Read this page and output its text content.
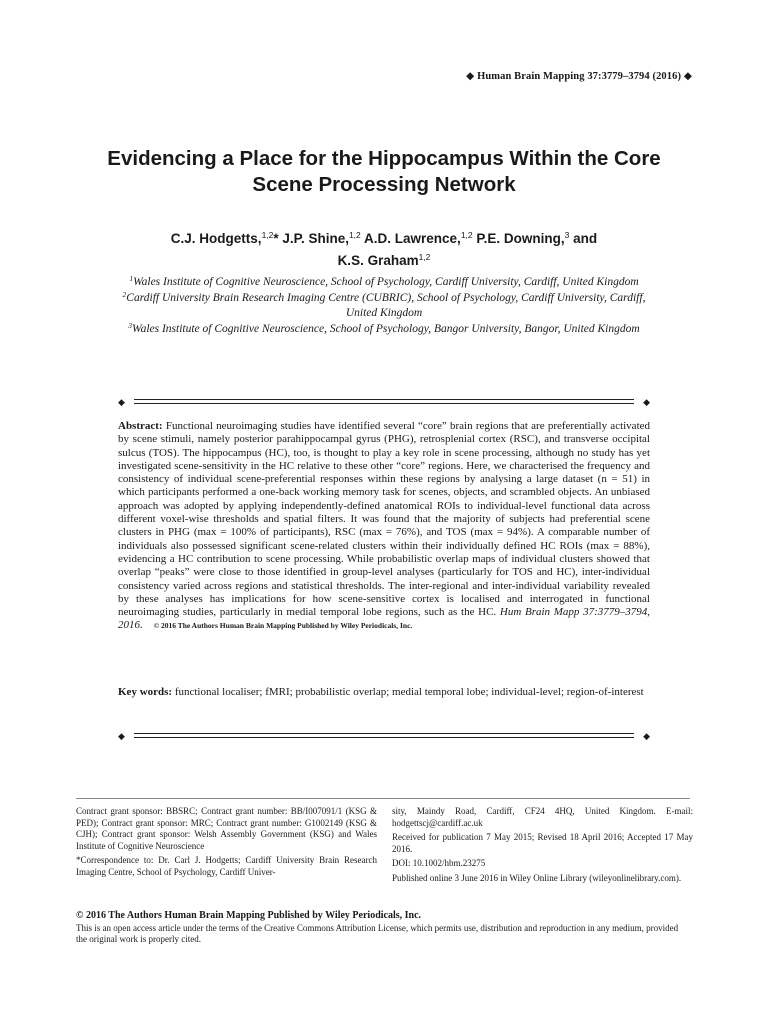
◆ Human Brain Mapping 37:3779–3794 (2016) ◆
Evidencing a Place for the Hippocampus Within the Core Scene Processing Network
C.J. Hodgetts,$^{1,2}$* J.P. Shine,$^{1,2}$ A.D. Lawrence,$^{1,2}$ P.E. Downing,$^3$ and
K.S. Graham$^{1,2}$
$^1$Wales Institute of Cognitive Neuroscience, School of Psychology, Cardiff University, Cardiff, United Kingdom
$^2$Cardiff University Brain Research Imaging Centre (CUBRIC), School of Psychology, Cardiff University, Cardiff, United Kingdom
$^3$Wales Institute of Cognitive Neuroscience, School of Psychology, Bangor University, Bangor, United Kingdom
◆	◆

Abstract: Functional neuroimaging studies have identified several “core” brain regions that are preferentially activated by scene stimuli, namely posterior parahippocampal gyrus (PHG), retrosplenial cortex (RSC), and transverse occipital sulcus (TOS). The hippocampus (HC), too, is thought to play a key role in scene processing, although no study has yet investigated scene-sensitivity in the HC relative to these other “core” regions. Here, we characterised the frequency and consistency of individual scene-preferential responses within these regions by analysing a large dataset (n = 51) in which participants performed a one-back working memory task for scenes, objects, and scrambled objects. An unbiased approach was adopted by applying independently-defined anatomical ROIs to individual-level functional data across different voxel-wise thresholds and spatial filters. It was found that the majority of subjects had preferential scene clusters in PHG (max = 100% of participants), RSC (max = 76%), and TOS (max = 94%). A comparable number of individuals also possessed significant scene-related clusters within their individually defined HC ROIs (max = 88%), evidencing a HC contribution to scene processing. While probabilistic overlap maps of individual clusters showed that overlap “peaks” were close to those identified in group-level analyses (particularly for TOS and HC), inter-individual consistency varied across regions and statistical thresholds. The inter-regional and inter-individual variability revealed by these analyses has implications for how scene-sensitive cortex is localised and interrogated in functional neuroimaging studies, particularly in medial temporal lobe regions, such as the HC. Hum Brain Mapp 37:3779–3794, 2016. © 2016 The Authors Human Brain Mapping Published by Wiley Periodicals, Inc.

Key words: functional localiser; fMRI; probabilistic overlap; medial temporal lobe; individual-level; region-of-interest

◆	◆

Contract grant sponsor: BBSRC; Contract grant number: BB/I007091/1 (KSG & PED); Contract grant sponsor: MRC; Contract grant number: G1002149 (KSG & CJH); Contract grant sponsor: Welsh Assembly Government (KSG) and Wales Institute of Cognitive Neuroscience

*Correspondence to: Dr. Carl J. Hodgetts; Cardiff University Brain Research Imaging Centre, School of Psychology, Cardiff Univer-

sity, Maindy Road, Cardiff, CF24 4HQ, United Kingdom. E-mail: hodgettscj@cardiff.ac.uk

Received for publication 7 May 2015; Revised 18 April 2016; Accepted 17 May 2016.

DOI: 10.1002/hbm.23275

Published online 3 June 2016 in Wiley Online Library (wileyonlinelibrary.com).

© 2016 The Authors Human Brain Mapping Published by Wiley Periodicals, Inc.

This is an open access article under the terms of the Creative Commons Attribution License, which permits use, distribution and reproduction in any medium, provided the original work is properly cited.
